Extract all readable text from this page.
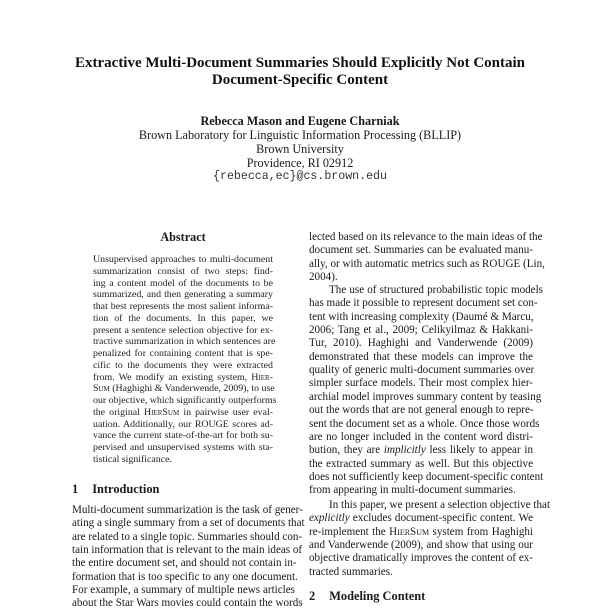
Extractive Multi-Document Summaries Should Explicitly Not Contain
Document-Specific Content
Rebecca Mason and Eugene Charniak
Brown Laboratory for Linguistic Information Processing (BLLIP)
Brown University
Providence, RI 02912
{rebecca,ec}@cs.brown.edu
Abstract
Unsupervised approaches to multi-document
summarization consist of two steps: find-
ing a content model of the documents to be
summarized, and then generating a summary
that best represents the most salient informa-
tion of the documents. In this paper, we
present a sentence selection objective for ex-
tractive summarization in which sentences are
penalized for containing content that is spe-
cific to the documents they were extracted
from. We modify an existing system, Hier-
Sum (Haghighi & Vanderwende, 2009), to use
our objective, which significantly outperforms
the original HierSum in pairwise user eval-
uation. Additionally, our ROUGE scores ad-
vance the current state-of-the-art for both su-
pervised and unsupervised systems with sta-
tistical significance.
1 Introduction
Multi-document summarization is the task of gener-
ating a single summary from a set of documents that
are related to a single topic. Summaries should con-
tain information that is relevant to the main ideas of
the entire document set, and should not contain in-
formation that is too specific to any one document.
For example, a summary of multiple news articles
about the Star Wars movies could contain the words
lected based on its relevance to the main ideas of the
document set. Summaries can be evaluated manu-
ally, or with automatic metrics such as ROUGE (Lin,
2004).
The use of structured probabilistic topic models
has made it possible to represent document set con-
tent with increasing complexity (Daumé & Marcu,
2006; Tang et al., 2009; Celikyilmaz & Hakkani-
Tur, 2010). Haghighi and Vanderwende (2009)
demonstrated that these models can improve the
quality of generic multi-document summaries over
simpler surface models. Their most complex hier-
archial model improves summary content by teasing
out the words that are not general enough to repre-
sent the document set as a whole. Once those words
are no longer included in the content word distri-
bution, they are implicitly less likely to appear in
the extracted summary as well. But this objective
does not sufficiently keep document-specific content
from appearing in multi-document summaries.
In this paper, we present a selection objective that
explicitly excludes document-specific content. We
re-implement the HierSum system from Haghighi
and Vanderwende (2009), and show that using our
objective dramatically improves the content of ex-
tracted summaries.
2 Modeling Content
